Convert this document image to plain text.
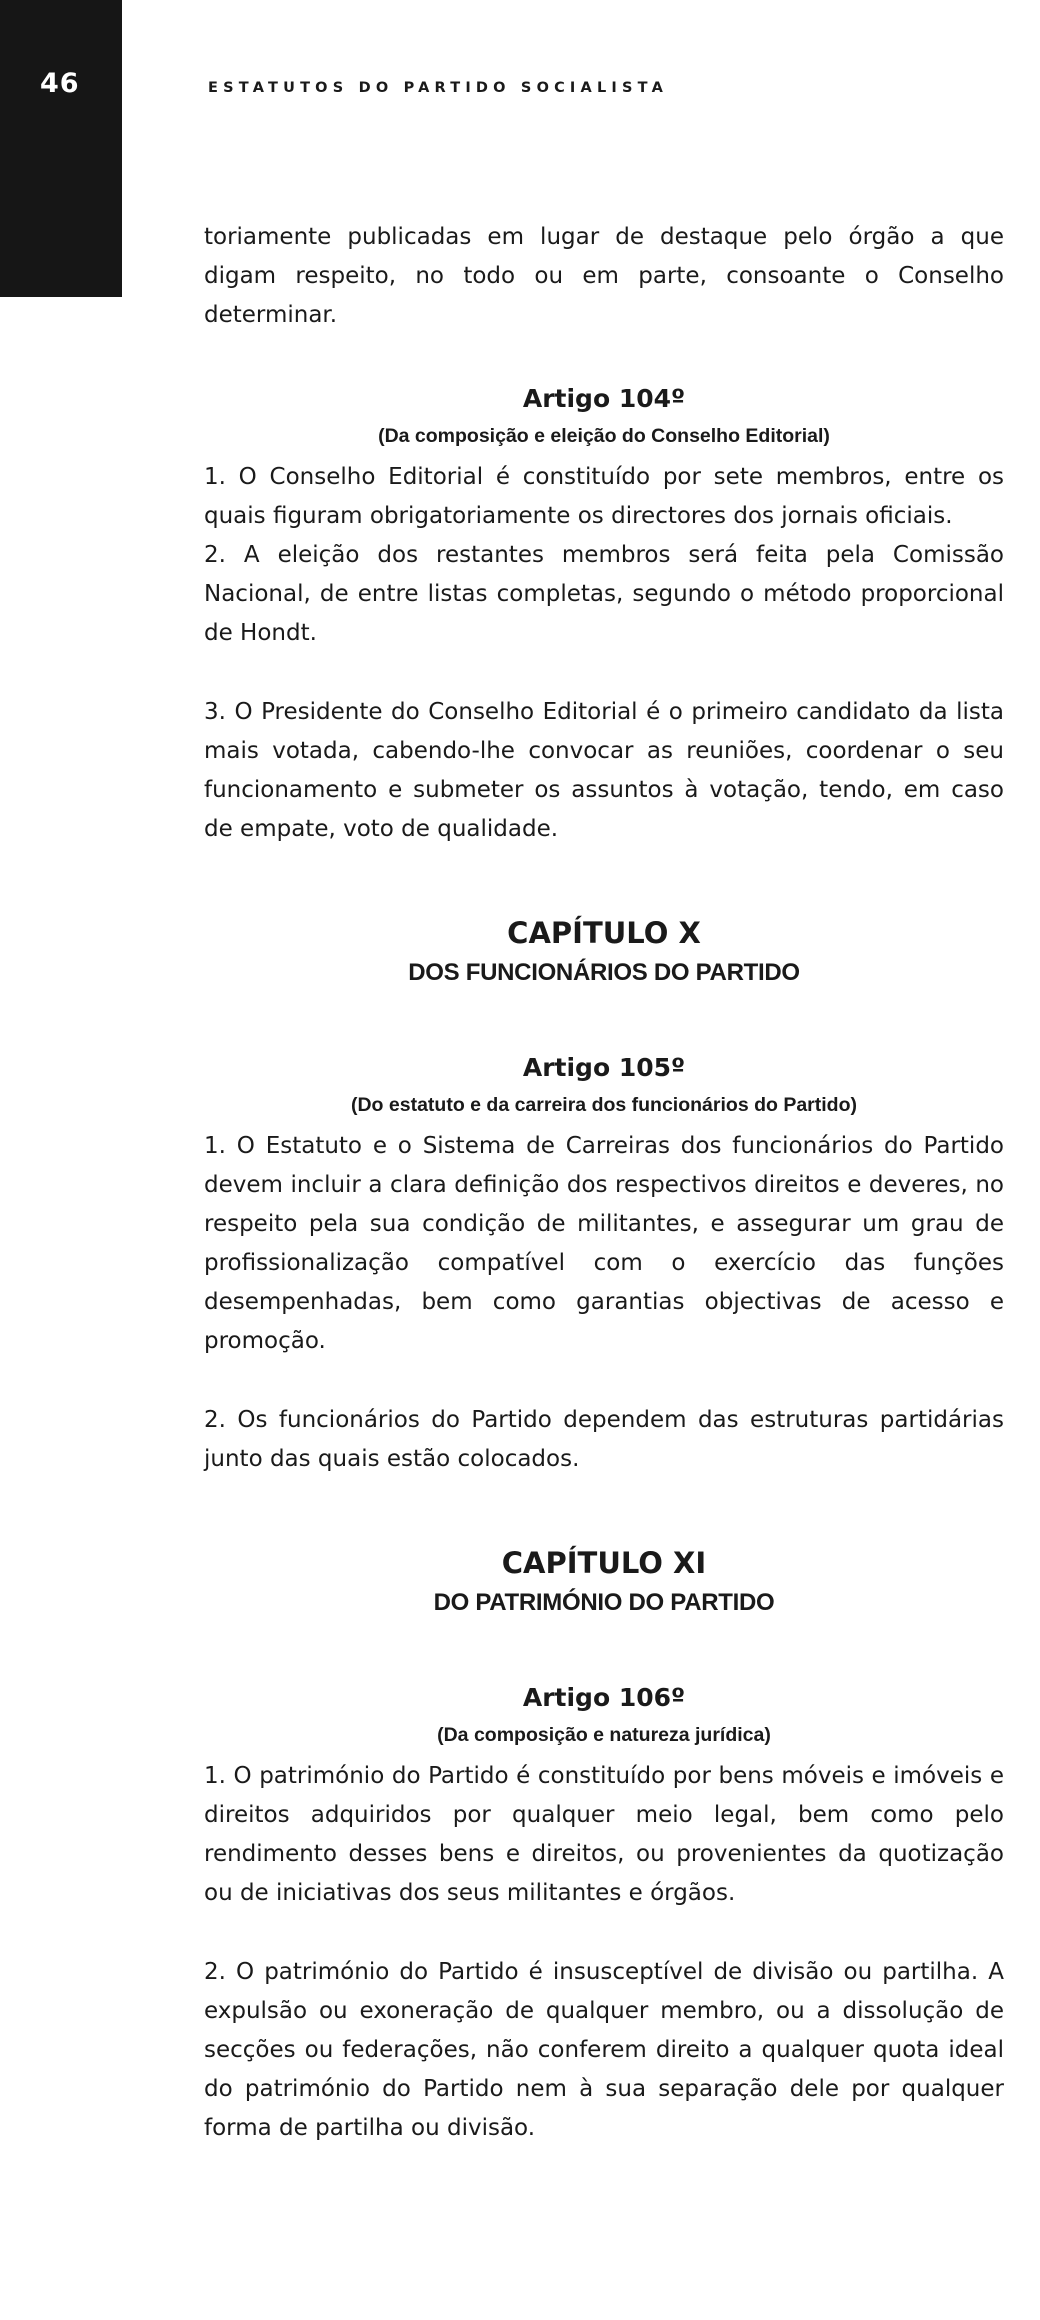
46	ESTATUTOS DO PARTIDO SOCIALISTA

toriamente publicadas em lugar de destaque pelo órgão a que digam respeito, no todo ou em parte, consoante o Conselho determinar.

Artigo 104º
(Da composição e eleição do Conselho Editorial)

1. O Conselho Editorial é constituído por sete membros, entre os quais figuram obrigatoriamente os directores dos jornais oficiais.

2. A eleição dos restantes membros será feita pela Comissão Nacional, de entre listas completas, segundo o método proporcional de Hondt.

3. O Presidente do Conselho Editorial é o primeiro candidato da lista mais votada, cabendo-lhe convocar as reuniões, coordenar o seu funcionamento e submeter os assuntos à votação, tendo, em caso de empate, voto de qualidade.

CAPÍTULO X
DOS FUNCIONÁRIOS DO PARTIDO
Artigo 105º
(Do estatuto e da carreira dos funcionários do Partido)

1. O Estatuto e o Sistema de Carreiras dos funcionários do Partido devem incluir a clara definição dos respectivos direitos e deveres, no respeito pela sua condição de militantes, e assegurar um grau de profissionalização compatível com o exercício das funções desempenhadas, bem como garantias objectivas de acesso e promoção.

2. Os funcionários do Partido dependem das estruturas partidárias junto das quais estão colocados.

CAPÍTULO XI
DO PATRIMÓNIO DO PARTIDO
Artigo 106º
(Da composição e natureza jurídica)

1. O património do Partido é constituído por bens móveis e imóveis e direitos adquiridos por qualquer meio legal, bem como pelo rendimento desses bens e direitos, ou provenientes da quotização ou de iniciativas dos seus militantes e órgãos.

2. O património do Partido é insusceptível de divisão ou partilha. A expulsão ou exoneração de qualquer membro, ou a dissolução de secções ou federações, não conferem direito a qualquer quota ideal do património do Partido nem à sua separação dele por qualquer forma de partilha ou divisão.
